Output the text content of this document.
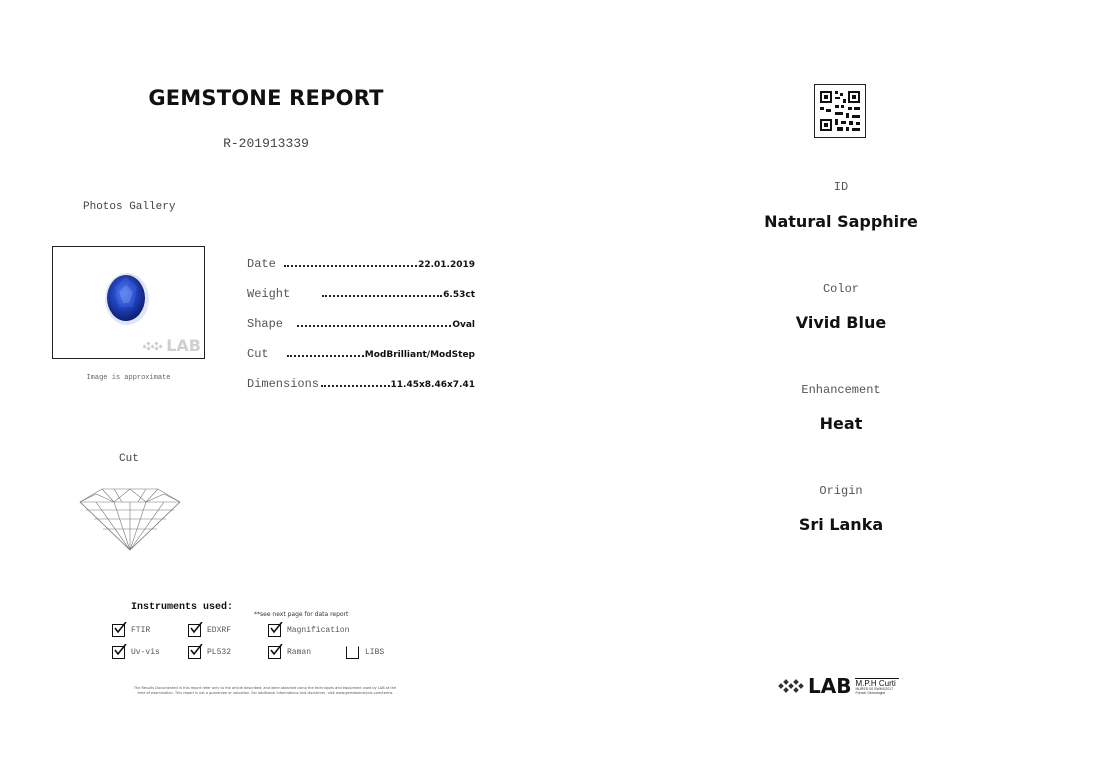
GEMSTONE REPORT
R-201913339
Photos Gallery
LAB
Image is approximate
Date	22.01.2019
Weight	6.53ct
Shape	Oval
Cut	ModBrilliant/ModStep
Dimensions	11.45x8.46x7.41
Cut
Instruments used:
**see next page for data report
FTIR	EDXRF	Magnification
Uv-vis	PL532	Raman	LIBS
The Results Documented in this report refer only to the article described, and were obtained using the techniques and equipment used by LAB at the time of examination. This report is not a guarantee or valuation. For additional informations and disclaimer, visit www.gemlabanalysis.com/terms
ID
Natural Sapphire
Color
Vivid Blue
Enhancement
Heat
Origin
Sri Lanka
LAB M.P.H Curti
MURED 00 SWMG2017 French Gemologist
